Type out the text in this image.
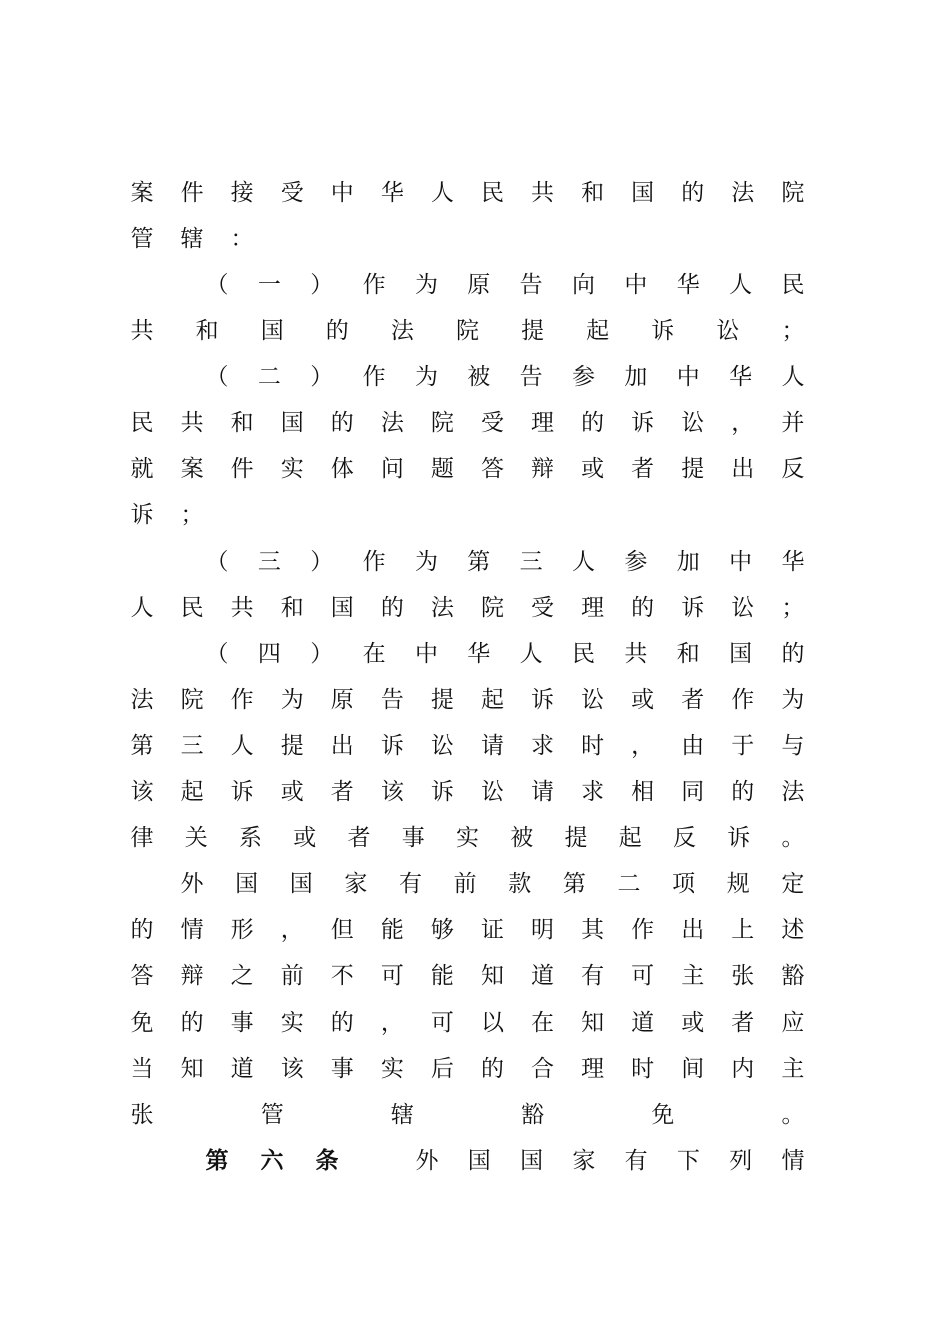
案 件 接 受 中 华 人 民 共 和 国 的 法 院
管 辖 ：
（ 一 ） 作 为 原 告 向 中 华 人 民
共 和 国 的 法 院 提 起 诉 讼 ；
（ 二 ） 作 为 被 告 参 加 中 华 人
民 共 和 国 的 法 院 受 理 的 诉 讼 ， 并
就 案 件 实 体 问 题 答 辩 或 者 提 出 反
诉 ；
（ 三 ） 作 为 第 三 人 参 加 中 华
人 民 共 和 国 的 法 院 受 理 的 诉 讼 ；
（ 四 ） 在 中 华 人 民 共 和 国 的
法 院 作 为 原 告 提 起 诉 讼 或 者 作 为
第 三 人 提 出 诉 讼 请 求 时 ， 由 于 与
该 起 诉 或 者 该 诉 讼 请 求 相 同 的 法
律 关 系 或 者 事 实 被 提 起 反 诉 。
外 国 国 家 有 前 款 第 二 项 规 定
的 情 形 ， 但 能 够 证 明 其 作 出 上 述
答 辩 之 前 不 可 能 知 道 有 可 主 张 豁
免 的 事 实 的 ， 可 以 在 知 道 或 者 应
当 知 道 该 事 实 后 的 合 理 时 间 内 主
张	管	辖	豁	免	。
第 六 条	外 国 国 家 有 下 列 情
